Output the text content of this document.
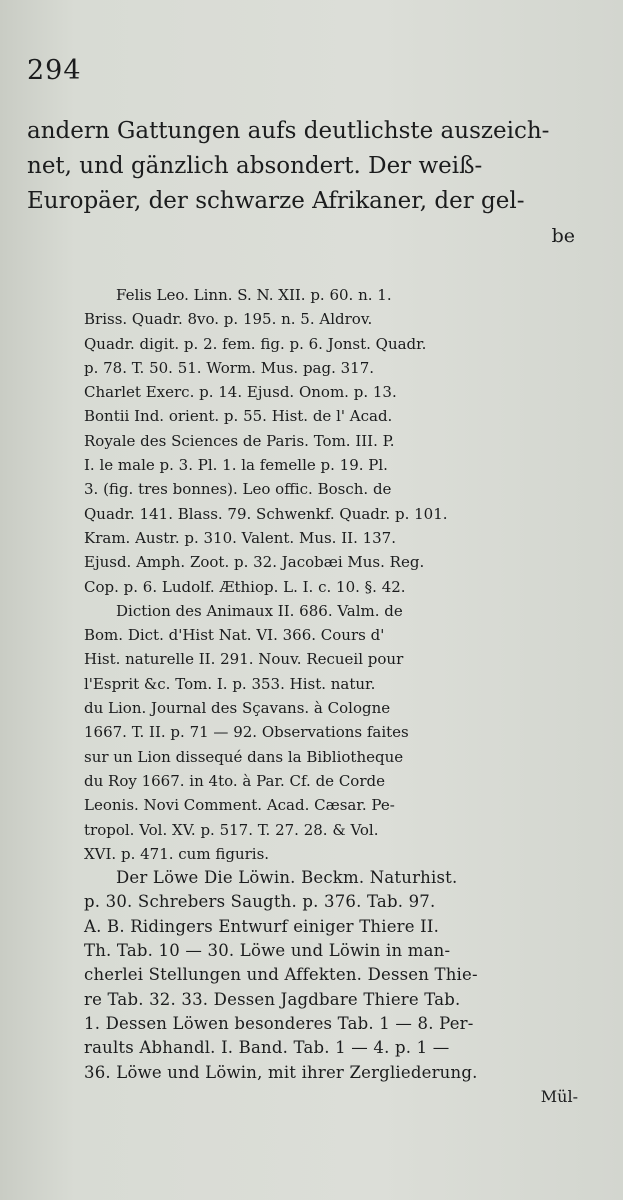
294
andern Gattungen aufs deutlichste auszeich-
net, und gänzlich absondert. Der weiß-
Europäer, der schwarze Afrikaner, der gel-
be
Felis Leo. Linn. S. N. XII. p. 60. n. 1.
Briss. Quadr. 8vo. p. 195. n. 5. Aldrov.
Quadr. digit. p. 2. fem. fig. p. 6. Jonst. Quadr.
p. 78. T. 50. 51. Worm. Mus. pag. 317.
Charlet Exerc. p. 14. Ejusd. Onom. p. 13.
Bontii Ind. orient. p. 55. Hist. de l' Acad.
Royale des Sciences de Paris. Tom. III. P.
I. le male p. 3. Pl. 1. la femelle p. 19. Pl.
3. (fig. tres bonnes). Leo offic. Bosch. de
Quadr. 141. Blass. 79. Schwenkf. Quadr. p. 101.
Kram. Austr. p. 310. Valent. Mus. II. 137.
Ejusd. Amph. Zoot. p. 32. Jacobæi Mus. Reg.
Cop. p. 6. Ludolf. Æthiop. L. I. c. 10. §. 42.
Diction des Animaux II. 686. Valm. de
Bom. Dict. d'Hist Nat. VI. 366. Cours d'
Hist. naturelle II. 291. Nouv. Recueil pour
l'Esprit &c. Tom. I. p. 353. Hist. natur.
du Lion. Journal des Sçavans. à Cologne
1667. T. II. p. 71 — 92. Observations faites
sur un Lion dissequé dans la Bibliotheque
du Roy 1667. in 4to. à Par. Cf. de Corde
Leonis. Novi Comment. Acad. Cæsar. Pe-
tropol. Vol. XV. p. 517. T. 27. 28. & Vol.
XVI. p. 471. cum figuris.
Der Löwe Die Löwin. Beckm. Naturhist.
p. 30. Schrebers Saugth. p. 376. Tab. 97.
A. B. Ridingers Entwurf einiger Thiere II.
Th. Tab. 10 — 30. Löwe und Löwin in man-
cherlei Stellungen und Affekten. Dessen Thie-
re Tab. 32. 33. Dessen Jagdbare Thiere Tab.
1. Dessen Löwen besonderes Tab. 1 — 8. Per-
raults Abhandl. I. Band. Tab. 1 — 4. p. 1 —
36. Löwe und Löwin, mit ihrer Zergliederung.
Mül-
